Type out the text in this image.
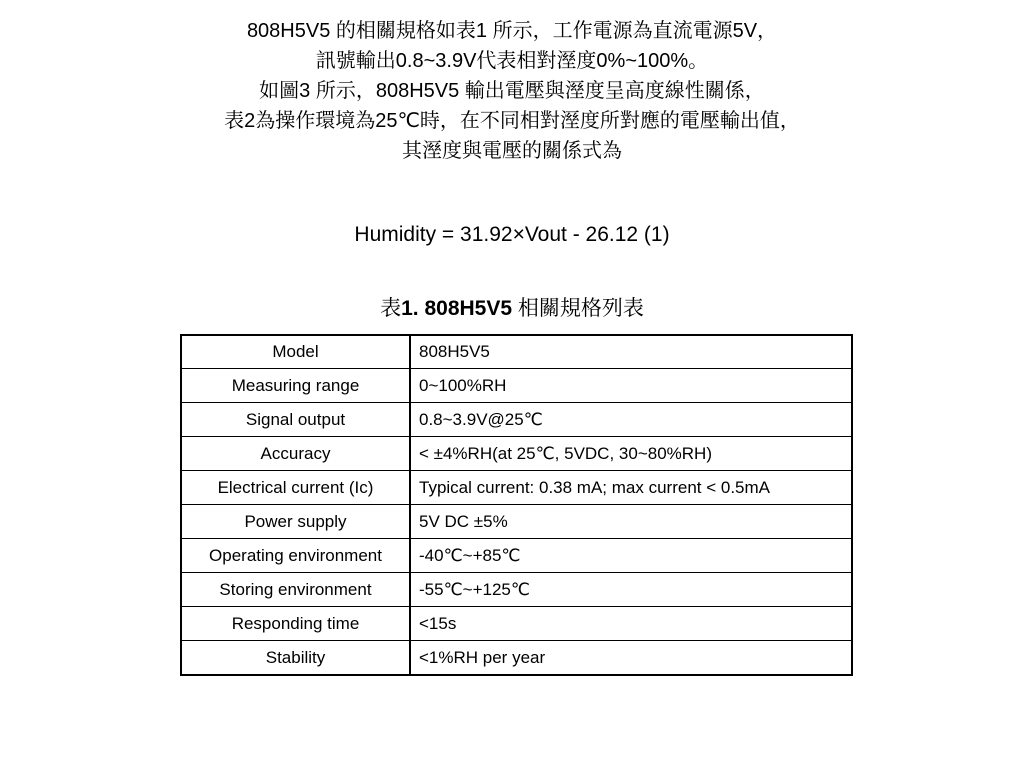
808H5V5 的相關規格如表1 所示，工作電源為直流電源5V，
訊號輸出0.8~3.9V代表相對溼度0%~100%。
如圖3 所示，808H5V5 輸出電壓與溼度呈高度線性關係，
表2為操作環境為25℃時，在不同相對溼度所對應的電壓輸出值，
其溼度與電壓的關係式為
Humidity = 31.92×Vout - 26.12 (1)
表1. 808H5V5 相關規格列表
Model	808H5V5
Measuring range	0~100%RH
Signal output	0.8~3.9V@25℃
Accuracy	< ±4%RH(at 25℃, 5VDC, 30~80%RH)
Electrical current (Ic)	Typical current: 0.38 mA; max current < 0.5mA
Power supply	5V DC ±5%
Operating environment	-40℃~+85℃
Storing environment	-55℃~+125℃
Responding time	<15s
Stability	<1%RH per year
